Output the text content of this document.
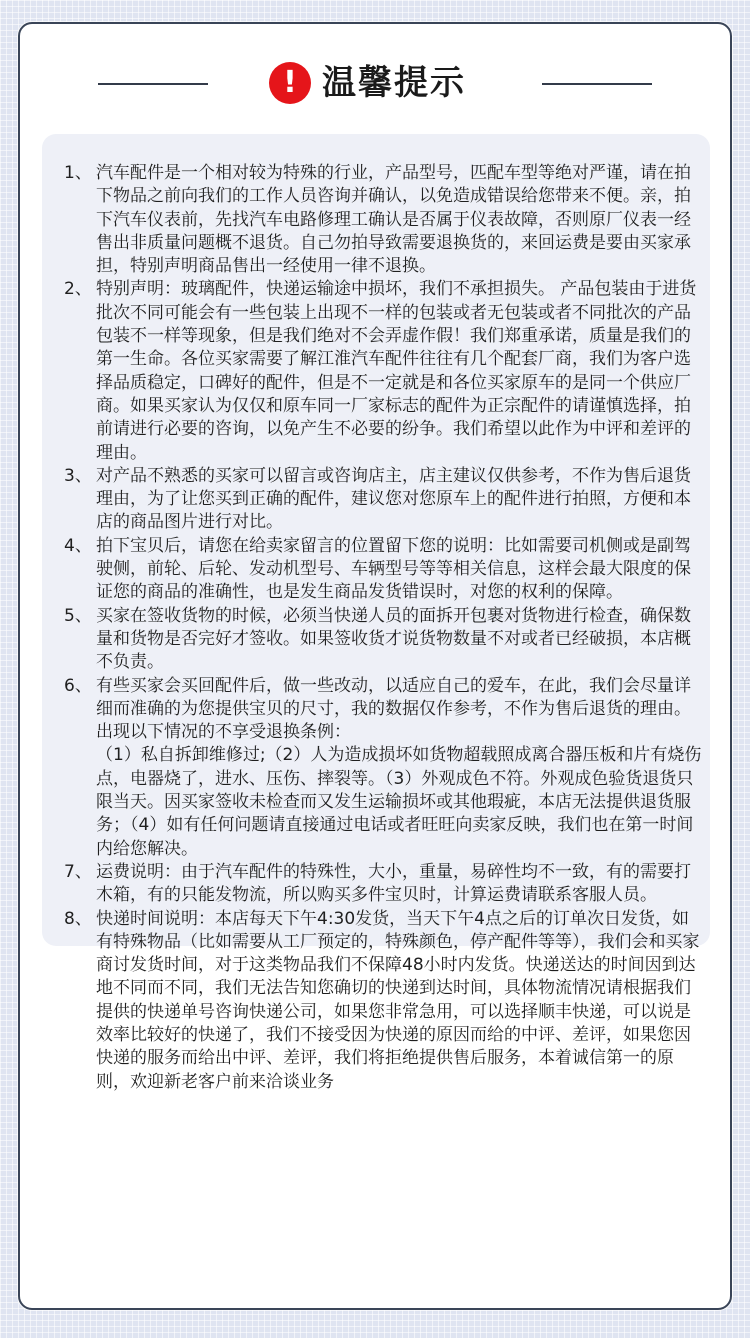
! 温馨提示
1、 汽车配件是一个相对较为特殊的行业，产品型号，匹配车型等绝对严谨，请在拍下物品之前向我们的工作人员咨询并确认，以免造成错误给您带来不便。亲，拍下汽车仪表前，先找汽车电路修理工确认是否属于仪表故障，否则原厂仪表一经售出非质量问题概不退货。自己勿拍导致需要退换货的，来回运费是要由买家承担，特别声明商品售出一经使用一律不退换。
2、 特别声明：玻璃配件，快递运输途中损坏，我们不承担损失。 产品包装由于进货批次不同可能会有一些包装上出现不一样的包装或者无包装或者不同批次的产品包装不一样等现象，但是我们绝对不会弄虚作假！我们郑重承诺，质量是我们的第一生命。各位买家需要了解江淮汽车配件往往有几个配套厂商，我们为客户选择品质稳定，口碑好的配件，但是不一定就是和各位买家原车的是同一个供应厂商。如果买家认为仅仅和原车同一厂家标志的配件为正宗配件的请谨慎选择，拍前请进行必要的咨询，以免产生不必要的纷争。我们希望以此作为中评和差评的理由。
3、 对产品不熟悉的买家可以留言或咨询店主，店主建议仅供参考，不作为售后退货理由，为了让您买到正确的配件，建议您对您原车上的配件进行拍照，方便和本店的商品图片进行对比。
4、 拍下宝贝后，请您在给卖家留言的位置留下您的说明：比如需要司机侧或是副驾驶侧，前轮、后轮、发动机型号、车辆型号等等相关信息，这样会最大限度的保证您的商品的准确性，也是发生商品发货错误时，对您的权利的保障。
5、 买家在签收货物的时候，必须当快递人员的面拆开包裹对货物进行检查，确保数量和货物是否完好才签收。如果签收货才说货物数量不对或者已经破损，本店概不负责。
6、 有些买家会买回配件后，做一些改动，以适应自己的爱车，在此，我们会尽量详细而准确的为您提供宝贝的尺寸，我的数据仅作参考，不作为售后退货的理由。
出现以下情况的不享受退换条例：
（1）私自拆卸维修过;（2）人为造成损坏如货物超载照成离合器压板和片有烧伤点，电器烧了，进水、压伤、摔裂等。（3）外观成色不符。外观成色验货退货只限当天。因买家签收未检查而又发生运输损坏或其他瑕疵，本店无法提供退货服务；（4）如有任何问题请直接通过电话或者旺旺向卖家反映，我们也在第一时间内给您解决。
7、 运费说明：由于汽车配件的特殊性，大小，重量，易碎性均不一致，有的需要打木箱，有的只能发物流，所以购买多件宝贝时，计算运费请联系客服人员。
8、 快递时间说明：本店每天下午4:30发货，当天下午4点之后的订单次日发货，如有特殊物品（比如需要从工厂预定的，特殊颜色，停产配件等等），我们会和买家商讨发货时间，对于这类物品我们不保障48小时内发货。快递送达的时间因到达地不同而不同，我们无法告知您确切的快递到达时间，具体物流情况请根据我们提供的快递单号咨询快递公司，如果您非常急用，可以选择顺丰快递，可以说是效率比较好的快递了，我们不接受因为快递的原因而给的中评、差评，如果您因快递的服务而给出中评、差评，我们将拒绝提供售后服务，本着诚信第一的原则，欢迎新老客户前来洽谈业务
